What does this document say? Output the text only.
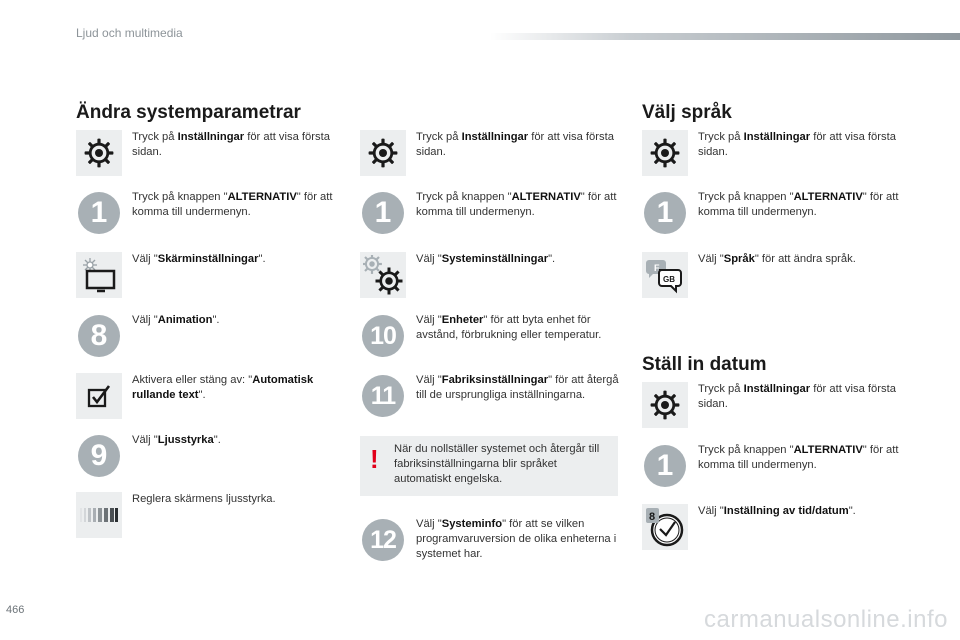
Ljud och multimedia
Ändra systemparametrar	Välj språk
Ställ in datum
Tryck på Inställningar för att visa första sidan.
1	Tryck på knappen "ALTERNATIV" för att komma till undermenyn.
Välj "Skärminställningar".
8	Välj "Animation".
Aktivera eller stäng av: "Automatisk rullande text".
9	Välj "Ljusstyrka".
Reglera skärmens ljusstyrka.
Tryck på Inställningar för att visa första sidan.
1	Tryck på knappen "ALTERNATIV" för att komma till undermenyn.
Välj "Systeminställningar".
10
Välj "Enheter" för att byta enhet för avstånd, förbrukning eller temperatur.
11
Välj "Fabriksinställningar" för att återgå till de ursprungliga inställningarna.
! När du nollställer systemet och återgår till fabriksinställningarna blir språket automatiskt engelska.
12
Välj "Systeminfo" för att se vilken programvaruversion de olika enheterna i systemet har.
Tryck på Inställningar för att visa första sidan.
1	Tryck på knappen "ALTERNATIV" för att komma till undermenyn.
F
GB
Välj "Språk" för att ändra språk.
Tryck på Inställningar för att visa första sidan.
1	Tryck på knappen "ALTERNATIV" för att komma till undermenyn.
8	Välj "Inställning av tid/datum".
466	carmanualsonline.info
